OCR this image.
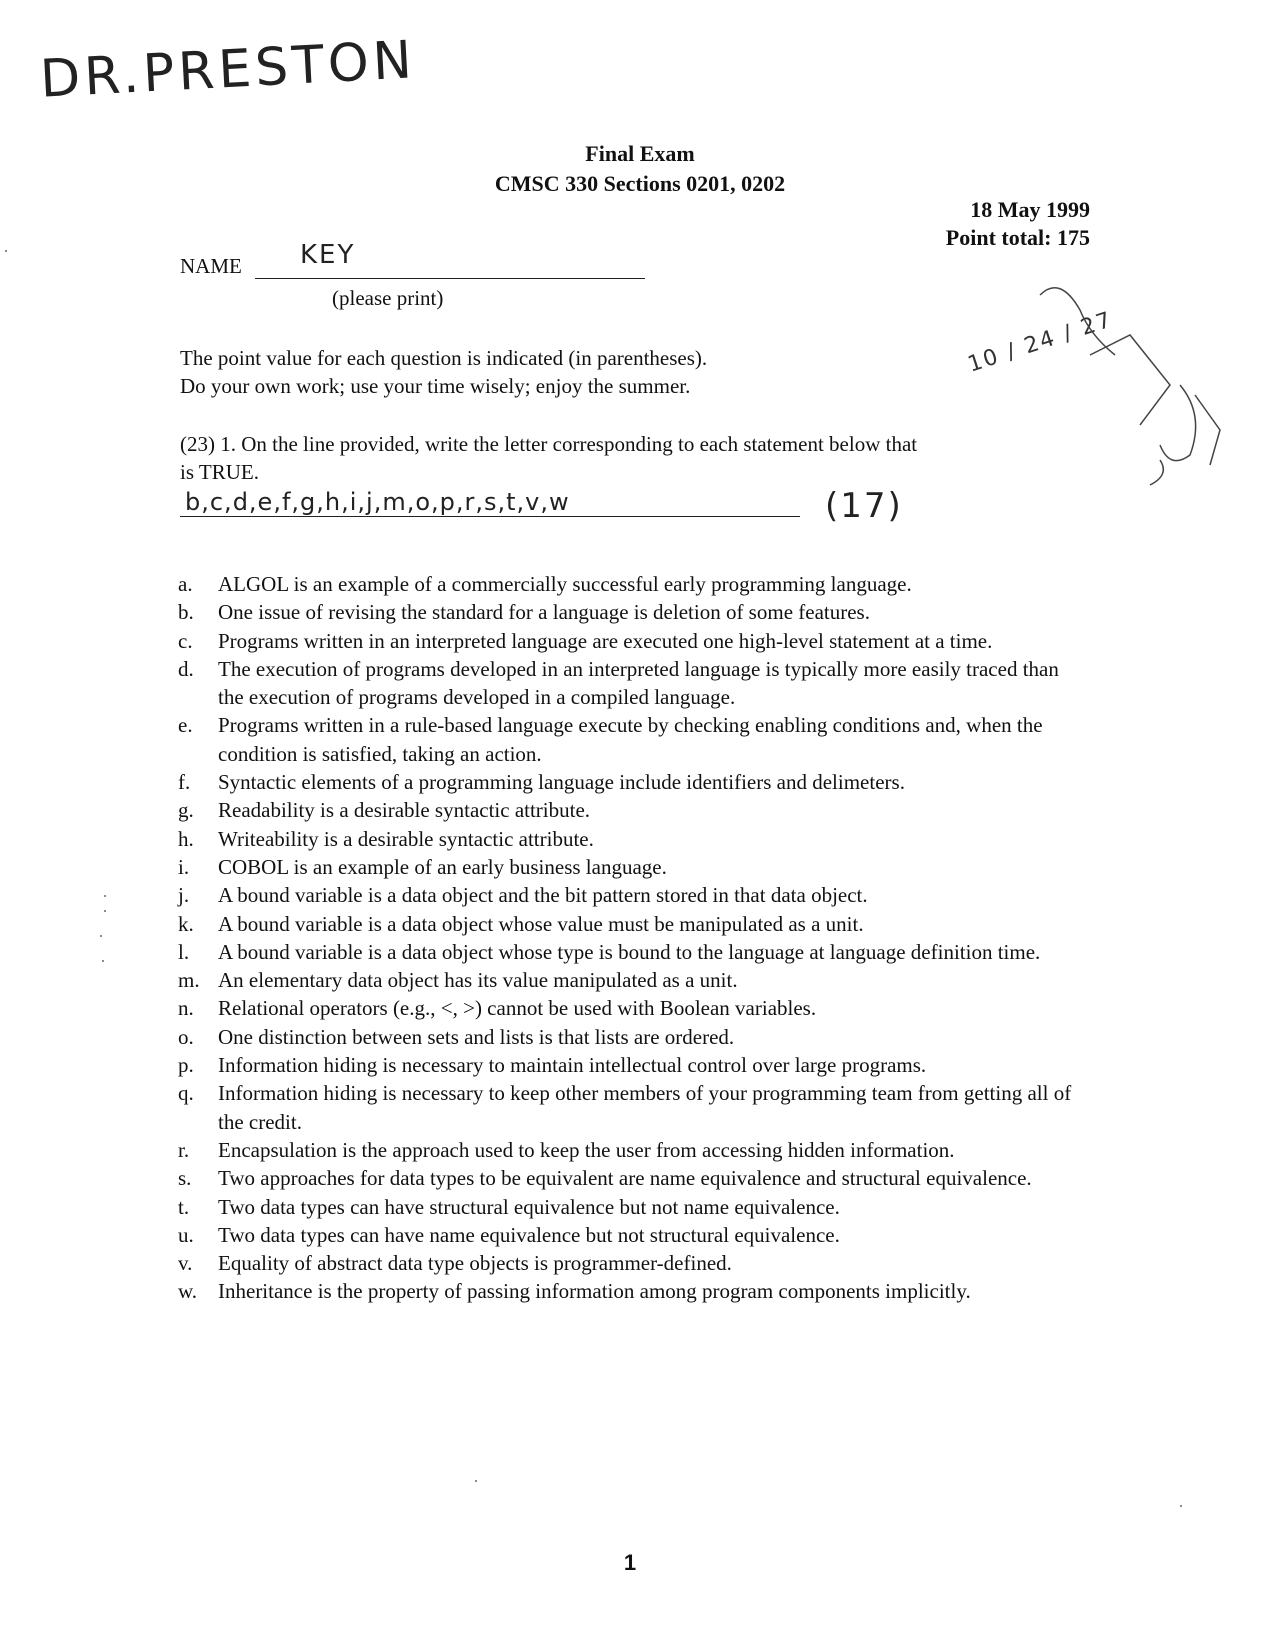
DR.PRESTON
Final Exam
CMSC 330 Sections 0201, 0202
18 May 1999
Point total: 175
NAME KEY
(please print)
The point value for each question is indicated (in parentheses).
Do your own work; use your time wisely; enjoy the summer.
10 / 24 / 27
(23) 1. On the line provided, write the letter corresponding to each statement below that
is TRUE.
b,c,d,e,f,g,h,i,j,m,o,p,r,s,t,v,w	(17)
a.	ALGOL is an example of a commercially successful early programming language.
b.	One issue of revising the standard for a language is deletion of some features.
c.	Programs written in an interpreted language are executed one high-level statement at a time.
d.	The execution of programs developed in an interpreted language is typically more easily traced than the execution of programs developed in a compiled language.
e.	Programs written in a rule-based language execute by checking enabling conditions and, when the condition is satisfied, taking an action.
f.	Syntactic elements of a programming language include identifiers and delimeters.
g.	Readability is a desirable syntactic attribute.
h.	Writeability is a desirable syntactic attribute.
i.	COBOL is an example of an early business language.
j.	A bound variable is a data object and the bit pattern stored in that data object.
k.	A bound variable is a data object whose value must be manipulated as a unit.
l.	A bound variable is a data object whose type is bound to the language at language definition time.
m. An elementary data object has its value manipulated as a unit.
n.	Relational operators (e.g., <, >) cannot be used with Boolean variables.
o.	One distinction between sets and lists is that lists are ordered.
p.	Information hiding is necessary to maintain intellectual control over large programs.
q.	Information hiding is necessary to keep other members of your programming team from getting all of the credit.
r.	Encapsulation is the approach used to keep the user from accessing hidden information.
s.	Two approaches for data types to be equivalent are name equivalence and structural equivalence.
t.	Two data types can have structural equivalence but not name equivalence.
u.	Two data types can have name equivalence but not structural equivalence.
v.	Equality of abstract data type objects is programmer-defined.
w. Inheritance is the property of passing information among program components implicitly.
1
